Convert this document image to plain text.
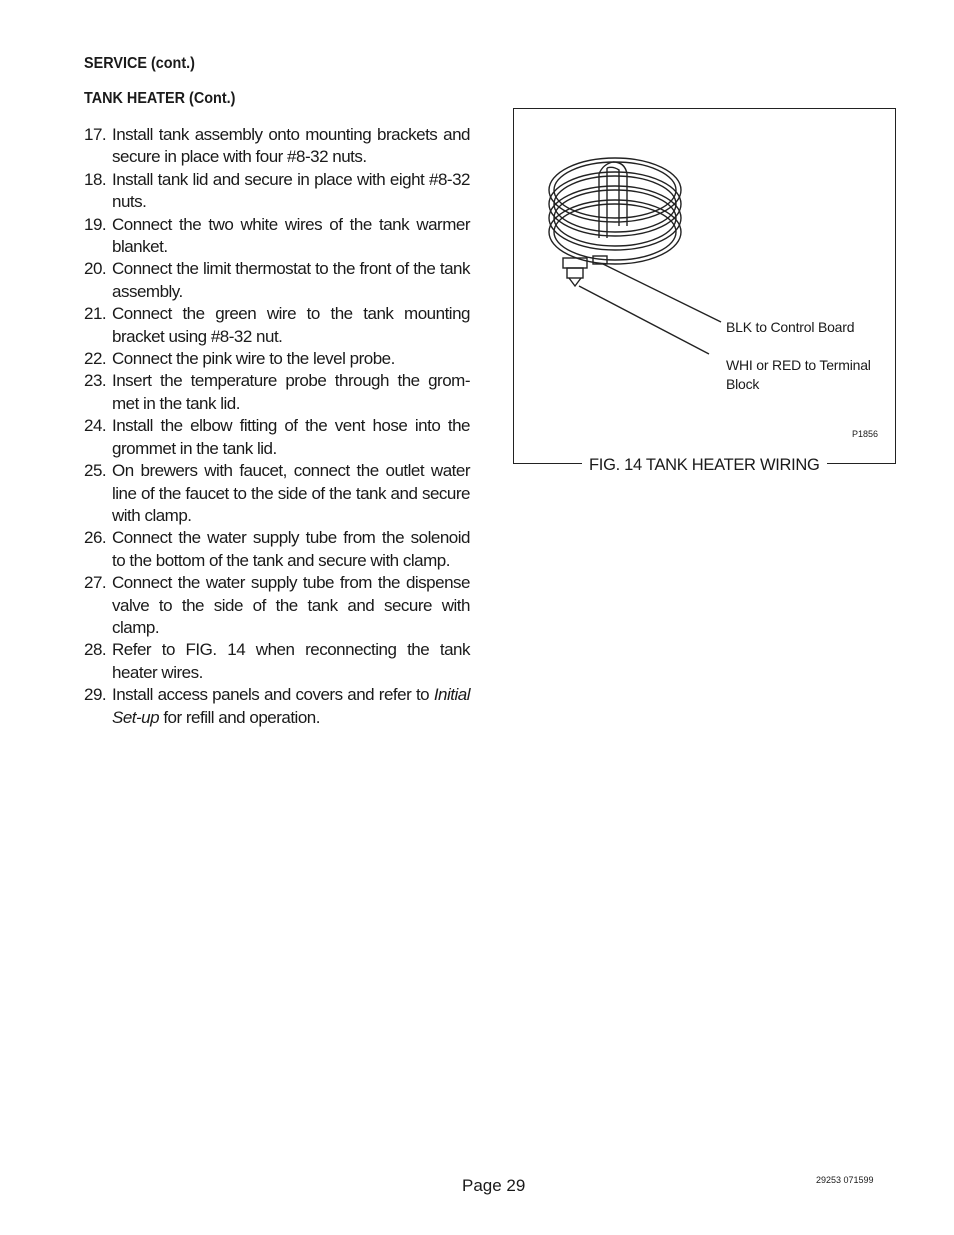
SERVICE (cont.)
TANK HEATER (Cont.)
17. Install tank assembly onto mounting brackets and secure in place with four #8-32 nuts.
18. Install tank lid and secure in place with eight #8-32 nuts.
19. Connect the two white wires of the tank warmer blanket.
20. Connect the limit thermostat to the front of the tank assembly.
21. Connect the green wire to the tank mounting bracket using #8-32 nut.
22. Connect the pink wire to the level probe.
23. Insert the temperature probe through the grom- met in the tank lid.
24. Install the elbow fitting of the vent hose into the grommet in the tank lid.
25. On brewers with faucet, connect the outlet water line of the faucet to the side of the tank and secure with clamp.
26. Connect the water supply tube from the solenoid to the bottom of the tank and secure with clamp.
27. Connect the water supply tube from the dispense valve to the side of the tank and secure with clamp.
28. Refer to FIG. 14 when reconnecting the tank heater wires.
29. Install access panels and covers and refer to Initial Set-up for refill and operation.
BLK to Control Board
WHI or RED to Terminal Block
P1856
FIG. 14 TANK HEATER WIRING
Page 29	29253 071599
